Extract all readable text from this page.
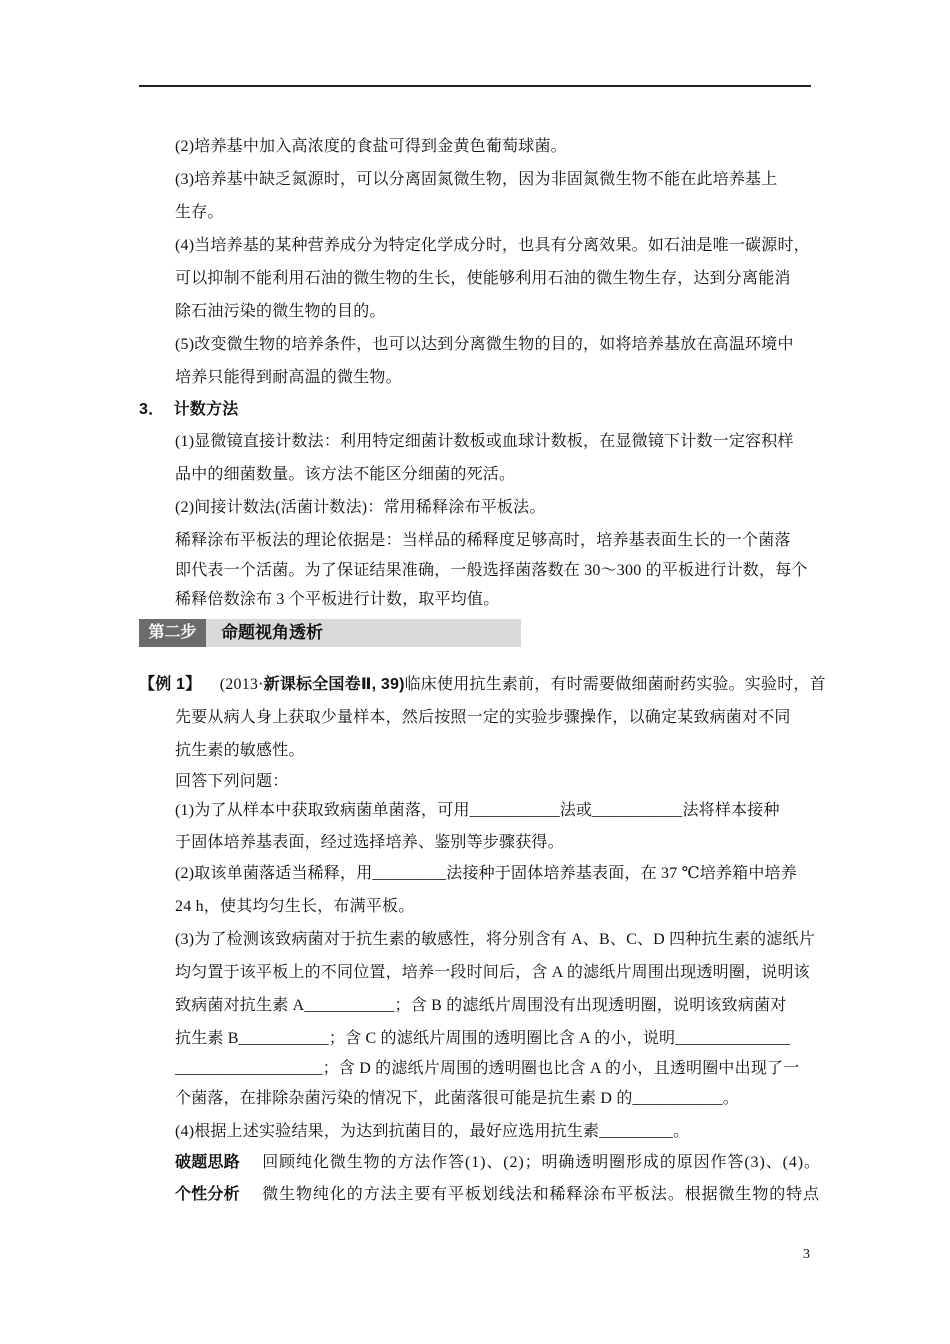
(2)培养基中加入高浓度的食盐可得到金黄色葡萄球菌。
(3)培养基中缺乏氮源时，可以分离固氮微生物，因为非固氮微生物不能在此培养基上
生存。
(4)当培养基的某种营养成分为特定化学成分时，也具有分离效果。如石油是唯一碳源时，
可以抑制不能利用石油的微生物的生长，使能够利用石油的微生物生存，达到分离能消
除石油污染的微生物的目的。
(5)改变微生物的培养条件，也可以达到分离微生物的目的，如将培养基放在高温环境中
培养只能得到耐高温的微生物。
3．  计数方法
(1)显微镜直接计数法：利用特定细菌计数板或血球计数板，在显微镜下计数一定容积样
品中的细菌数量。该方法不能区分细菌的死活。
(2)间接计数法(活菌计数法)：常用稀释涂布平板法。
稀释涂布平板法的理论依据是：当样品的稀释度足够高时，培养基表面生长的一个菌落
即代表一个活菌。为了保证结果准确，一般选择菌落数在 30～300 的平板进行计数，每个
稀释倍数涂布 3 个平板进行计数，取平均值。
第二步	命题视角透析
【例 1】 (2013·新课标全国卷Ⅱ, 39)临床使用抗生素前，有时需要做细菌耐药实验。实验时，首
先要从病人身上获取少量样本，然后按照一定的实验步骤操作，以确定某致病菌对不同
抗生素的敏感性。
回答下列问题：
(1)为了从样本中获取致病菌单菌落，可用___________法或___________法将样本接种
于固体培养基表面，经过选择培养、鉴别等步骤获得。
(2)取该单菌落适当稀释，用_________法接种于固体培养基表面，在 37 ℃培养箱中培养
24 h，使其均匀生长，布满平板。
(3)为了检测该致病菌对于抗生素的敏感性，将分别含有 A、B、C、D 四种抗生素的滤纸片
均匀置于该平板上的不同位置，培养一段时间后，含 A 的滤纸片周围出现透明圈，说明该
致病菌对抗生素 A___________；含 B 的滤纸片周围没有出现透明圈，说明该致病菌对
抗生素 B___________；含 C 的滤纸片周围的透明圈比含 A 的小，说明______________
__________________；含 D 的滤纸片周围的透明圈也比含 A 的小，且透明圈中出现了一
个菌落，在排除杂菌污染的情况下，此菌落很可能是抗生素 D 的___________。
(4)根据上述实验结果，为达到抗菌目的，最好应选用抗生素_________。
破题思路 回顾纯化微生物的方法作答(1)、(2)；明确透明圈形成的原因作答(3)、(4)。
个性分析 微生物纯化的方法主要有平板划线法和稀释涂布平板法。根据微生物的特点
3
